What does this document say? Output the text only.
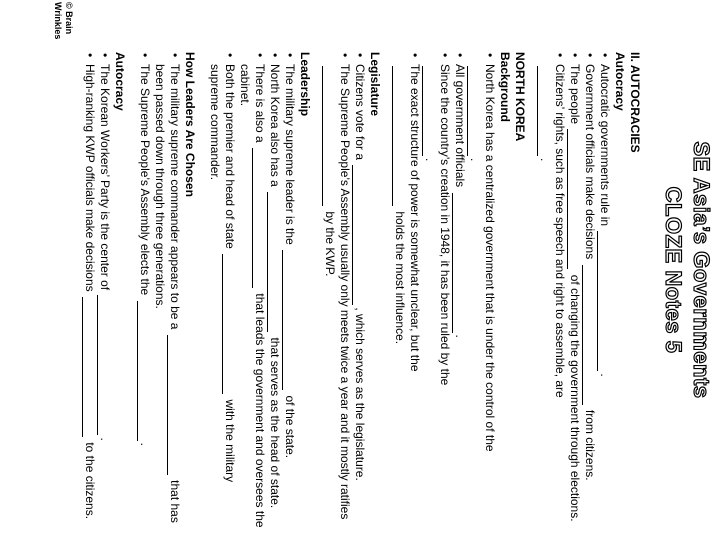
SE Asia’s Governments
CLOZE Notes 5

II. AUTOCRACIES

Autocracy

• Autocratic governments rule in .
• Government officials make decisions  from citizens.
• The people  of changing the government through elections.
• Citizens’ rights, such as free speech and right to assemble, are
.

NORTH KOREA

Background

• North Korea has a centralized government that is under the control of the
.
• All government officials .
• Since the country’s creation in 1948, it has been ruled by the
.
• The exact structure of power is somewhat unclear, but the
holds the most influence.

Legislature

• Citizens vote for a , which serves as the legislature.
• The Supreme People’s Assembly usually only meets twice a year and it mostly ratifies
by the KWP.

Leadership

• The military supreme leader is the  of the state.
• North Korea also has a  that serves as the head of state.
• There is also a  that leads the government and oversees the cabinet.
• Both the premier and head of state  with the military supreme commander.

How Leaders Are Chosen

• The military supreme commander appears to be a  that has been passed down through three generations.
• The Supreme People’s Assembly elects the .

Autocracy

• The Korean Workers’ Party is the center of .
• High-ranking KWP officials make decisions  to the citizens.
© Brain Wrinkles
